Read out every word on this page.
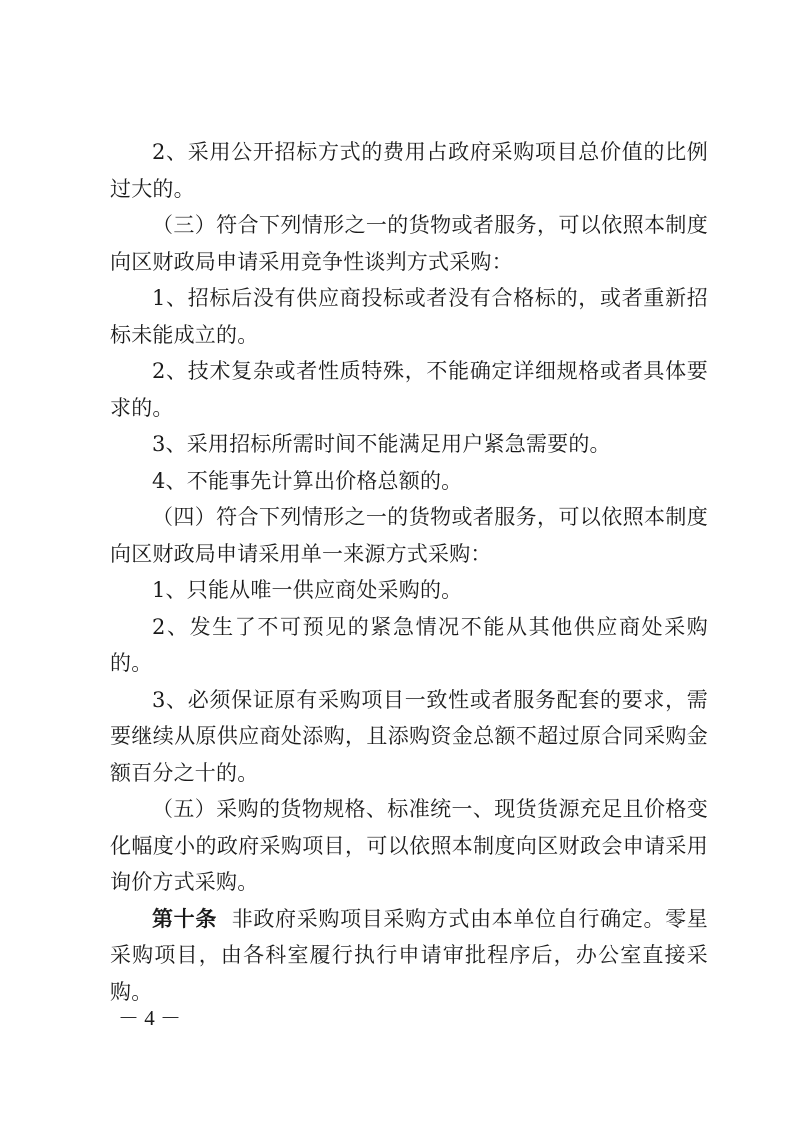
2、采用公开招标方式的费用占政府采购项目总价值的比例过大的。

（三）符合下列情形之一的货物或者服务，可以依照本制度向区财政局申请采用竞争性谈判方式采购：

1、招标后没有供应商投标或者没有合格标的，或者重新招标未能成立的。

2、技术复杂或者性质特殊，不能确定详细规格或者具体要求的。

3、采用招标所需时间不能满足用户紧急需要的。

4、不能事先计算出价格总额的。

（四）符合下列情形之一的货物或者服务，可以依照本制度向区财政局申请采用单一来源方式采购：

1、只能从唯一供应商处采购的。

2、发生了不可预见的紧急情况不能从其他供应商处采购的。

3、必须保证原有采购项目一致性或者服务配套的要求，需要继续从原供应商处添购，且添购资金总额不超过原合同采购金额百分之十的。

（五）采购的货物规格、标准统一、现货货源充足且价格变化幅度小的政府采购项目，可以依照本制度向区财政会申请采用询价方式采购。

第十条 非政府采购项目采购方式由本单位自行确定。零星采购项目，由各科室履行执行申请审批程序后，办公室直接采购。

－ 4 －
